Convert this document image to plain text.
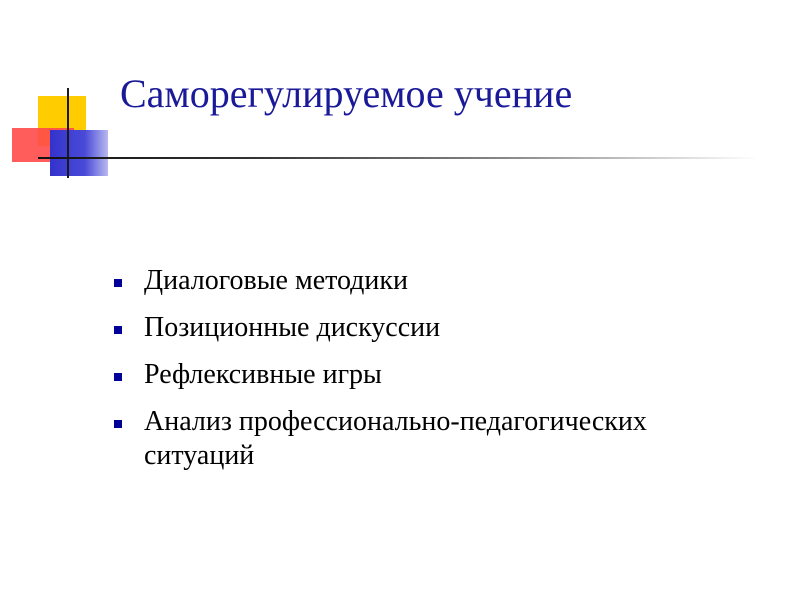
Саморегулируемое учение
Диалоговые методики
Позиционные дискуссии
Рефлексивные игры
Анализ профессионально-педагогических ситуаций
